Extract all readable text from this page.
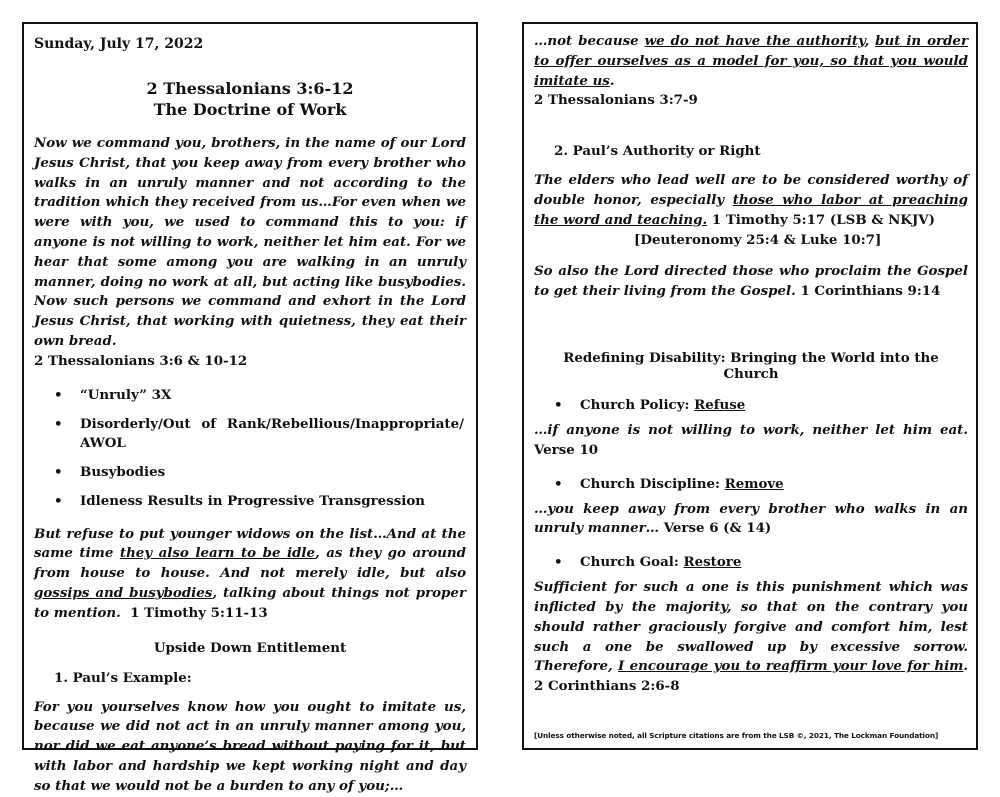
Sunday, July 17, 2022

2 Thessalonians 3:6-12
The Doctrine of Work

Now we command you, brothers, in the name of our Lord Jesus Christ, that you keep away from every brother who walks in an unruly manner and not according to the tradition which they received from us…For even when we were with you, we used to command this to you: if anyone is not willing to work, neither let him eat. For we hear that some among you are walking in an unruly manner, doing no work at all, but acting like busybodies. Now such persons we command and exhort in the Lord Jesus Christ, that working with quietness, they eat their own bread.
2 Thessalonians 3:6 & 10-12

• “Unruly” 3X
• Disorderly/Out of Rank/Rebellious/Inappropriate/ AWOL
• Busybodies
• Idleness Results in Progressive Transgression

But refuse to put younger widows on the list…And at the same time they also learn to be idle, as they go around from house to house. And not merely idle, but also gossips and busybodies, talking about things not proper to mention. 1 Timothy 5:11-13

Upside Down Entitlement

1. Paul’s Example:

For you yourselves know how you ought to imitate us, because we did not act in an unruly manner among you, nor did we eat anyone’s bread without paying for it, but with labor and hardship we kept working night and day so that we would not be a burden to any of you;…

…not because we do not have the authority, but in order to offer ourselves as a model for you, so that you would imitate us.
2 Thessalonians 3:7-9

2. Paul’s Authority or Right

The elders who lead well are to be considered worthy of double honor, especially those who labor at preaching the word and teaching. 1 Timothy 5:17 (LSB & NKJV)
[Deuteronomy 25:4 & Luke 10:7]

So also the Lord directed those who proclaim the Gospel to get their living from the Gospel. 1 Corinthians 9:14

Redefining Disability: Bringing the World into the Church

• Church Policy: Refuse

…if anyone is not willing to work, neither let him eat. Verse 10

• Church Discipline: Remove

…you keep away from every brother who walks in an unruly manner… Verse 6 (& 14)

• Church Goal: Restore

Sufficient for such a one is this punishment which was inflicted by the majority, so that on the contrary you should rather graciously forgive and comfort him, lest such a one be swallowed up by excessive sorrow. Therefore, I encourage you to reaffirm your love for him. 2 Corinthians 2:6-8

[Unless otherwise noted, all Scripture citations are from the LSB ©, 2021, The Lockman Foundation]
